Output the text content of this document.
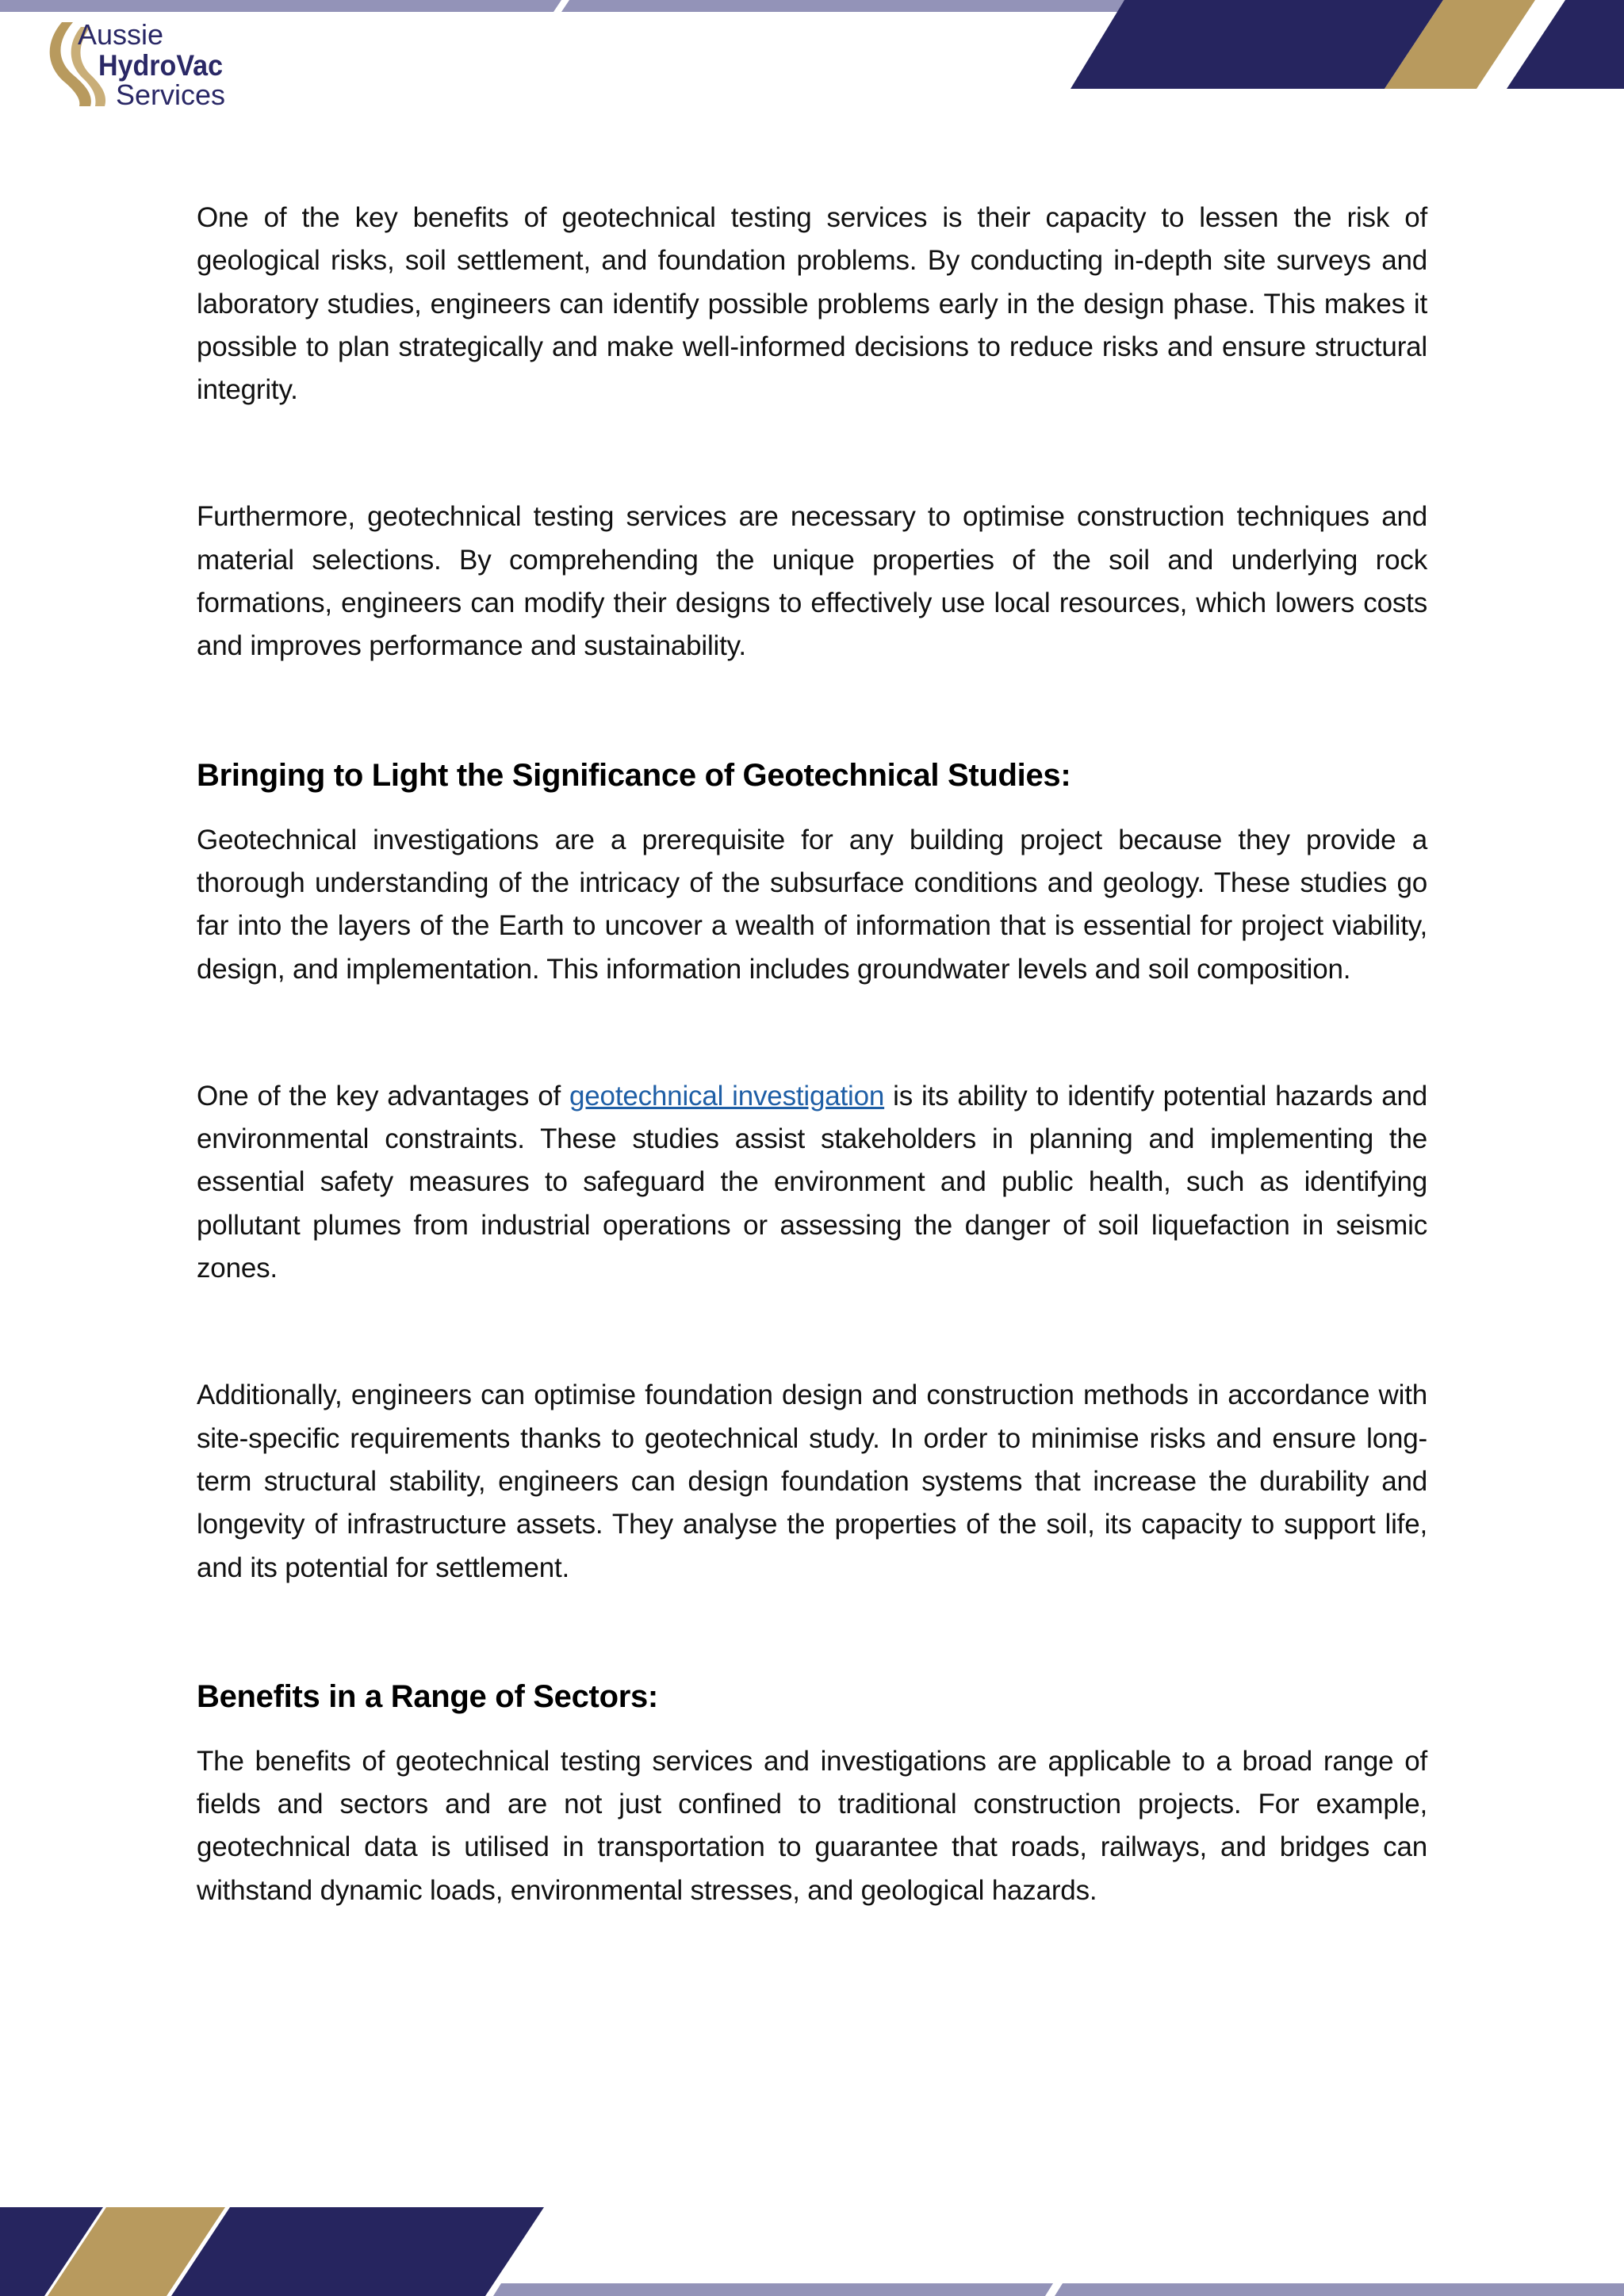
Aussie
HydroVac
Services

One of the key benefits of geotechnical testing services is their capacity to lessen the risk of geological risks, soil settlement, and foundation problems. By conducting in-depth site surveys and laboratory studies, engineers can identify possible problems early in the design phase. This makes it possible to plan strategically and make well-informed decisions to reduce risks and ensure structural integrity.

Furthermore, geotechnical testing services are necessary to optimise construction techniques and material selections. By comprehending the unique properties of the soil and underlying rock formations, engineers can modify their designs to effectively use local resources, which lowers costs and improves performance and sustainability.

Bringing to Light the Significance of Geotechnical Studies:

Geotechnical investigations are a prerequisite for any building project because they provide a thorough understanding of the intricacy of the subsurface conditions and geology. These studies go far into the layers of the Earth to uncover a wealth of information that is essential for project viability, design, and implementation. This information includes groundwater levels and soil composition.

One of the key advantages of geotechnical investigation is its ability to identify potential hazards and environmental constraints. These studies assist stakeholders in planning and implementing the essential safety measures to safeguard the environment and public health, such as identifying pollutant plumes from industrial operations or assessing the danger of soil liquefaction in seismic zones.

Additionally, engineers can optimise foundation design and construction methods in accordance with site-specific requirements thanks to geotechnical study. In order to minimise risks and ensure long-term structural stability, engineers can design foundation systems that increase the durability and longevity of infrastructure assets. They analyse the properties of the soil, its capacity to support life, and its potential for settlement.

Benefits in a Range of Sectors:

The benefits of geotechnical testing services and investigations are applicable to a broad range of fields and sectors and are not just confined to traditional construction projects. For example, geotechnical data is utilised in transportation to guarantee that roads, railways, and bridges can withstand dynamic loads, environmental stresses, and geological hazards.
